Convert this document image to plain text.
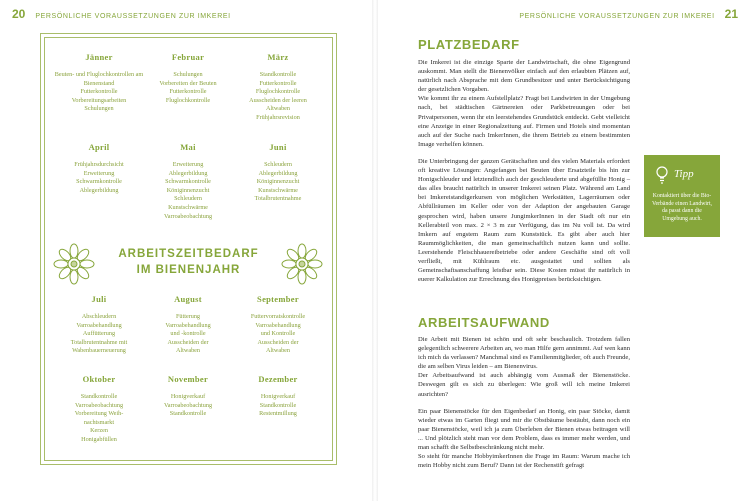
20 PERSÖNLICHE VORAUSSETZUNGEN ZUR IMKEREI
Jänner
Beuten- und Fluglochkontrollen am Bienenstand
Futterkontrolle
Vorbereitungsarbeiten
Schulungen
Februar
Schulungen
Vorbereiten der Beuten
Futterkontrolle
Fluglochkontrolle
März
Standkontrolle
Futterkontrolle
Fluglochkontrolle
Ausscheiden der leeren
Altwaben
Frühjahrsrevision
April
Frühjahrsdurchsicht
Erweiterung
Schwarmkontrolle
Ablegerbildung
Mai
Erweiterung
Ablegerbildung
Schwarmkontrolle
Königinnenzucht
Schleudern
Kunstschwärme
Varroabeobachtung
Juni
Schleudern
Ablegerbildung
Königinnenzucht
Kunstschwärme
Totalbrutentnahme
ARBEITSZEITBEDARF
IM BIENENJAHR
Juli
Abschleudern
Varroabehandlung
Auffütterung
Totalbrutentnahme mit
Wabenbauerneuerung
August
Fütterung
Varroabehandlung
und -kontrolle
Ausscheiden der
Altwaben
September
Futtervorratskontrolle
Varroabehandlung
und Kontrolle
Ausscheiden der
Altwaben
Oktober
Standkontrolle
Varroabeobachtung
Vorbereitung Weih-
nachtsmarkt
Kerzen
Honigabfüllen
November
Honigverkauf
Varroabeobachtung
Standkontrolle
Dezember
Honigverkauf
Standkontrolle
Restentmillung
PERSÖNLICHE VORAUSSETZUNGEN ZUR IMKEREI 21
PLATZBEDARF

Die Imkerei ist die einzige Sparte der Landwirtschaft, die ohne Eigengrund auskommt. Man stellt die Bienenvölker einfach auf den erlaubten Plätzen auf, natürlich nach Absprache mit dem Grundbesitzer und unter Berücksichtigung der gesetzlichen Vorgaben.

Wie kommt ihr zu einem Aufstellplatz? Fragt bei Landwirten in der Umgebung nach, bei städtischen Gärtnereien oder Parkbetreuungen oder bei Privatpersonen, wenn ihr ein leerstehendes Grundstück entdeckt. Gebt vielleicht eine Anzeige in einer Regionalzeitung auf. Firmen und Hotels sind momentan auch auf der Suche nach ImkerInnen, die ihrem Betrieb zu einem bestimmten Image verhelfen können.

Die Unterbringung der ganzen Gerätschaften und des vielen Materials erfordert oft kreative Lösungen: Angefangen bei Beuten über Ersatzteile bis hin zur Honigschleuder und letztendlich auch der geschleuderte und abgefüllte Honig – das alles braucht natürlich in unserer Imkerei seinen Platz. Während am Land bei Imkereistandigerkursen von möglichen Werkstätten, Lagerräumen oder Abfüllräumen im Keller oder von der Adaption der angebauten Garage gesprochen wird, haben unsere JungimkerInnen in der Stadt oft nur ein Kellerabteil von max. 2 × 3 m zur Verfügung, das im Nu voll ist. Da wird Imkern auf engstem Raum zum Kunststück. Es gibt aber auch hier Raummöglichkeiten, die man gemeinschaftlich nutzen kann und sollte. Leerstehende Fleischhauereibetriebe oder andere Geschäfte sind oft voll verfließt, mit Kühlraum etc. ausgestattet und sollten als Gemeinschaftsanschaffung leistbar sein. Diese Kosten müsst ihr natürlich in euerer Kalkulation zur Errechnung des Honigpreises berücksichtigen.

ARBEITSAUFWAND

Die Arbeit mit Bienen ist schön und oft sehr beschaulich. Trotzdem fallen gelegentlich schwerere Arbeiten an, wo man Hilfe gern annimmt. Auf wen kann ich mich da verlassen? Manchmal sind es Familienmitglieder, oft auch Freunde, die am selben Virus leiden – am Bienenvirus.

Der Arbeitsaufwand ist auch abhängig vom Ausmaß der Bienenstöcke. Deswegen gilt es sich zu überlegen: Wie groß will ich meine Imkerei ausrichten?

Ein paar Bienenstöcke für den Eigenbedarf an Honig, ein paar Stöcke, damit wieder etwas im Garten fliegt und mir die Obstbäume bestäubt, dann noch ein paar Bienenstöcke, weil ich ja zum Überleben der Bienen etwas beitragen will ... Und plötzlich steht man vor dem Problem, dass es immer mehr werden, und man schafft die Selbstbeschränkung nicht mehr.

So steht für manche HobbyimkerInnen die Frage im Raum: Warum mache ich mein Hobby nicht zum Beruf? Dann ist der Rechenstift gefragt

Tipp
Kontaktiert über die Bio-Verbände einen Landwirt, da passt dann die Umgebung auch.
